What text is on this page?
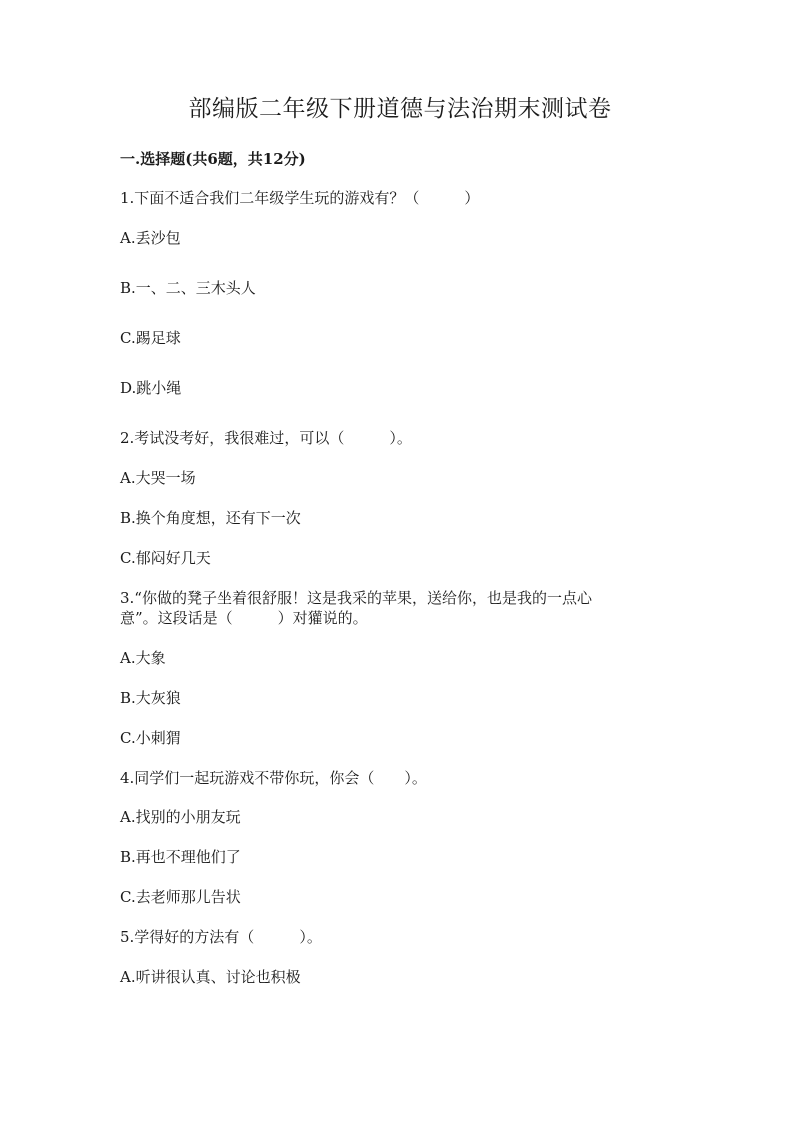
部编版二年级下册道德与法治期末测试卷
一.选择题(共6题，共12分)
1.下面不适合我们二年级学生玩的游戏有？（　　　）
A.丢沙包
B.一、二、三木头人
C.踢足球
D.跳小绳
2.考试没考好，我很难过，可以（　　　）。
A.大哭一场
B.换个角度想，还有下一次
C.郁闷好几天
3.“你做的凳子坐着很舒服！这是我采的苹果，送给你，也是我的一点心
意”。这段话是（　　　）对獾说的。
A.大象
B.大灰狼
C.小刺猬
4.同学们一起玩游戏不带你玩，你会（　　）。
A.找别的小朋友玩
B.再也不理他们了
C.去老师那儿告状
5.学得好的方法有（　　　）。
A.听讲很认真、讨论也积极
